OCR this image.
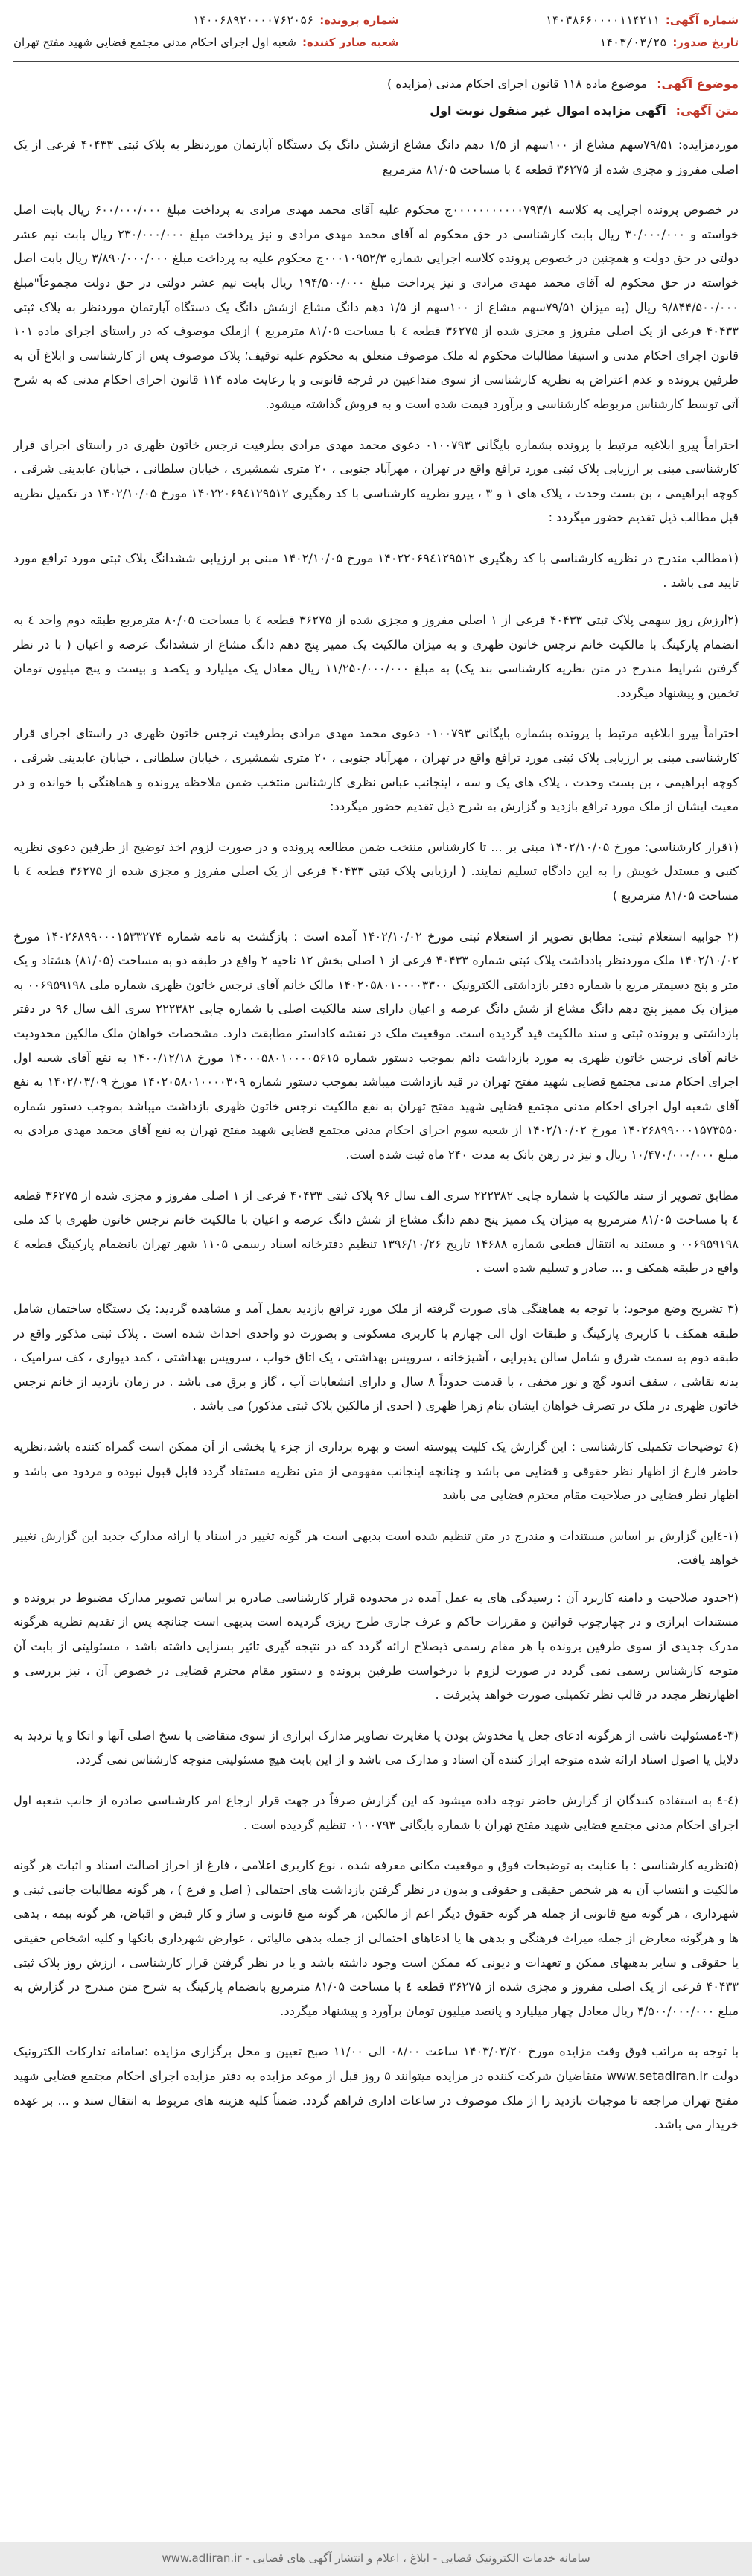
شماره آگهی:
۱۴۰۳۸۶۶۰۰۰۰۱۱۴۲۱۱
تاریخ صدور:
۱۴۰۳/۰۳/۲۵
شماره پرونده:
۱۴۰۰۶۸۹۲۰۰۰۰۷۶۲۰۵۶
شعبه صادر کننده:
شعبه اول اجرای احکام مدنی مجتمع قضایی شهید مفتح تهران
موضوع آگهی: موضوع ماده ۱۱۸ قانون اجرای احکام مدنی (مزایده )
متن آگهی: آگهی مزایده اموال غیر منقول نوبت اول

موردمزایده: ۷۹/۵۱سهم مشاع از ۱۰۰سهم از ۱/۵ دهم دانگ مشاع ازشش دانگ یک دستگاه آپارتمان موردنظر به پلاک ثبتی ۴۰۴۳۳ فرعی از یک اصلی مفروز و مجزی شده از ۳۶۲۷۵ قطعه ٤ با مساحت ۸۱/۰۵ مترمربع

در خصوص پرونده اجرایی به کلاسه ۰۰۰۰۰۰۰۰۰۰۰۷۹۳/۱ج محکوم علیه آقای محمد مهدی مرادی به پرداخت مبلغ ۶۰۰/۰۰۰/۰۰۰ ریال بابت اصل خواسته و ۳۰/۰۰۰/۰۰۰ ریال بابت کارشناسی در حق محکوم له آقای محمد مهدی مرادی و نیز پرداخت مبلغ ۲۳۰/۰۰۰/۰۰۰ ریال بابت نیم عشر دولتی در حق دولت و همچنین در خصوص پرونده کلاسه اجرایی شماره ۰۰۰۱۰۹۵۲/۳ج محکوم علیه به پرداخت مبلغ ۳/۸۹۰/۰۰۰/۰۰۰ ریال بابت اصل خواسته در حق محکوم له آقای محمد مهدی مرادی و نیز پرداخت مبلغ ۱۹۴/۵۰۰/۰۰۰ ریال بابت نیم عشر دولتی در حق دولت مجموعاً"مبلغ ۹/۸۴۴/۵۰۰/۰۰۰ ریال (به میزان ۷۹/۵۱سهم مشاع از ۱۰۰سهم از ۱/۵ دهم دانگ مشاع ازشش دانگ یک دستگاه آپارتمان موردنظر به پلاک ثبتی ۴۰۴۳۳ فرعی از یک اصلی مفروز و مجزی شده از ۳۶۲۷۵ قطعه ٤ با مساحت ۸۱/۰۵ مترمربع ) ازملک موصوف که در راستای اجرای ماده ۱۰۱ قانون اجرای احکام مدنی و استیفا مطالبات محکوم له ملک موصوف متعلق به محکوم علیه توقیف؛ پلاک موصوف پس از کارشناسی و ابلاغ آن به طرفین پرونده و عدم اعتراض به نظریه کارشناسی از سوی متداعیین در فرجه قانونی و با رعایت ماده ۱۱۴ قانون اجرای احکام مدنی که به شرح آتی توسط کارشناس مربوطه کارشناسی و برآورد قیمت شده است و به فروش گذاشته میشود.

احتراماً پیرو ابلاغیه مرتبط با پرونده بشماره بایگانی ۰۱۰۰۷۹۳ دعوی محمد مهدی مرادی بطرفیت نرجس خاتون ظهری در راستای اجرای قرار کارشناسی مبنی بر ارزیابی پلاک ثبتی مورد ترافع واقع در تهران ، مهرآباد جنوبی ، ۲۰ متری شمشیری ، خیابان سلطانی ، خیابان عابدینی شرقی ، کوچه ابراهیمی ، بن بست وحدت ، پلاک های ۱ و ۳ ، پیرو نظریه کارشناسی با کد رهگیری ۱۴۰۲۲۰۶۹٤۱۲۹۵۱۲ مورخ ۱۴۰۲/۱۰/۰۵ در تکمیل نظریه قبل مطالب ذیل تقدیم حضور میگردد :

(۱مطالب مندرج در نظریه کارشناسی با کد رهگیری ۱۴۰۲۲۰۶۹٤۱۲۹۵۱۲ مورخ ۱۴۰۲/۱۰/۰۵ مبنی بر ارزیابی ششدانگ پلاک ثبتی مورد ترافع مورد تایید می باشد .

(۲ارزش روز سهمی پلاک ثبتی ۴۰۴۳۳ فرعی از ۱ اصلی مفروز و مجزی شده از ۳۶۲۷۵ قطعه ٤ با مساحت ۸۰/۰۵ مترمربع طبقه دوم واحد ٤ به انضمام پارکینگ با مالکیت خانم نرجس خاتون ظهری و به میزان مالکیت یک ممیز پنج دهم دانگ مشاع از ششدانگ عرصه و اعیان ( با در نظر گرفتن شرایط مندرج در متن نظریه کارشناسی بند یک) به مبلغ ۱۱/۲۵۰/۰۰۰/۰۰۰ ریال معادل یک میلیارد و یکصد و بیست و پنج میلیون تومان تخمین و پیشنهاد میگردد.

احتراماً پیرو ابلاغیه مرتبط با پرونده بشماره بایگانی ۰۱۰۰۷۹۳ دعوی محمد مهدی مرادی بطرفیت نرجس خاتون ظهری در راستای اجرای قرار کارشناسی مبنی بر ارزیابی پلاک ثبتی مورد ترافع واقع در تهران ، مهرآباد جنوبی ، ۲۰ متری شمشیری ، خیابان سلطانی ، خیابان عابدینی شرقی ، کوچه ابراهیمی ، بن بست وحدت ، پلاک های یک و سه ، اینجانب عباس نظری کارشناس منتخب ضمن ملاحظه پرونده و هماهنگی با خوانده و در معیت ایشان از ملک مورد ترافع بازدید و گزارش به شرح ذیل تقدیم حضور میگردد:

(۱قرار کارشناسی: مورخ ۱۴۰۲/۱۰/۰۵ مبنی بر ... تا کارشناس منتخب ضمن مطالعه پرونده و در صورت لزوم اخذ توضیح از طرفین دعوی نظریه کتبی و مستدل خویش را به این دادگاه تسلیم نمایند. ( ارزیابی پلاک ثبتی ۴۰۴۳۳ فرعی از یک اصلی مفروز و مجزی شده از ۳۶۲۷۵ قطعه ٤ با مساحت ۸۱/۰۵ مترمربع )

(۲ جوابیه استعلام ثبتی: مطابق تصویر از استعلام ثبتی مورخ ۱۴۰۲/۱۰/۰۲ آمده است : بازگشت به نامه شماره ۱۴۰۲۶۸۹۹۰۰۰۱۵۳۳۲۷۴ مورخ ۱۴۰۲/۱۰/۰۲ ملک موردنظر بادداشت پلاک ثبتی شماره ۴۰۴۳۳ فرعی از ۱ اصلی بخش ۱۲ ناحیه ۲ واقع در طبقه دو به مساحت (۸۱/۰۵) هشتاد و یک متر و پنج دسیمتر مربع با شماره دفتر بازداشتی الکترونیک ۱۴۰۲۰۵۸۰۱۰۰۰۰۳۳۰۰ مالک خانم آقای نرجس خاتون ظهری شماره ملی ۰۰۶۹۵۹۱۹۸ به میزان یک ممیز پنج دهم دانگ مشاع از شش دانگ عرصه و اعیان دارای سند مالکیت اصلی با شماره چاپی ۲۲۲۳۸۲ سری الف سال ۹۶ در دفتر بازداشتی و پرونده ثبتی و سند مالکیت قید گردیده است. موقعیت ملک در نقشه کاداستر مطابقت دارد. مشخصات خواهان ملک مالکین محدودیت خانم آقای نرجس خاتون ظهری به مورد بازداشت دائم بموجب دستور شماره ۱۴۰۰۰۵۸۰۱۰۰۰۰۵۶۱۵ مورخ ۱۴۰۰/۱۲/۱۸ به نفع آقای شعبه اول اجرای احکام مدنی مجتمع قضایی شهید مفتح تهران در قید بازداشت میباشد بموجب دستور شماره ۱۴۰۲۰۵۸۰۱۰۰۰۰۳۰۹ مورخ ۱۴۰۲/۰۳/۰۹ به نفع آقای شعبه اول اجرای احکام مدنی مجتمع قضایی شهید مفتح تهران به نفع مالکیت نرجس خاتون ظهری بازداشت میباشد بموجب دستور شماره ۱۴۰۲۶۸۹۹۰۰۰۱۵۷۳۵۵۰ مورخ ۱۴۰۲/۱۰/۰۲ از شعبه سوم اجرای احکام مدنی مجتمع قضایی شهید مفتح تهران به نفع آقای محمد مهدی مرادی به مبلغ ۱۰/۴۷۰/۰۰۰/۰۰۰ ریال و نیز در رهن بانک به مدت ۲۴۰ ماه ثبت شده است.

مطابق تصویر از سند مالکیت با شماره چاپی ۲۲۲۳۸۲ سری الف سال ۹۶ پلاک ثبتی ۴۰۴۳۳ فرعی از ۱ اصلی مفروز و مجزی شده از ۳۶۲۷۵ قطعه ٤ با مساحت ۸۱/۰۵ مترمربع به میزان یک ممیز پنج دهم دانگ مشاع از شش دانگ عرصه و اعیان با مالکیت خانم نرجس خاتون ظهری با کد ملی ۰۰۶۹۵۹۱۹۸ و مستند به انتقال قطعی شماره ۱۴۶۸۸ تاریخ ۱۳۹۶/۱۰/۲۶ تنظیم دفترخانه اسناد رسمی ۱۱۰۵ شهر تهران بانضمام پارکینگ قطعه ٤ واقع در طبقه همکف و ... صادر و تسلیم شده است .

(۳ تشریح وضع موجود: با توجه به هماهنگی های صورت گرفته از ملک مورد ترافع بازدید بعمل آمد و مشاهده گردید: یک دستگاه ساختمان شامل طبقه همکف با کاربری پارکینگ و طبقات اول الی چهارم با کاربری مسکونی و بصورت دو واحدی احداث شده است . پلاک ثبتی مذکور واقع در طبقه دوم به سمت شرق و شامل سالن پذیرایی ، آشپزخانه ، سرویس بهداشتی ، یک اتاق خواب ، سرویس بهداشتی ، کمد دیواری ، کف سرامیک ، بدنه نقاشی ، سقف اندود گچ و نور مخفی ، با قدمت حدوداً ۸ سال و دارای انشعابات آب ، گاز و برق می باشد . در زمان بازدید از خانم نرجس خاتون ظهری در ملک در تصرف خواهان ایشان بنام زهرا ظهری ( احدی از مالکین پلاک ثبتی مذکور) می باشد .

(٤ توضیحات تکمیلی کارشناسی : این گزارش یک کلیت پیوسته است و بهره برداری از جزء یا بخشی از آن ممکن است گمراه کننده باشد،نظریه حاضر فارغ از اظهار نظر حقوقی و قضایی می باشد و چنانچه اینجانب مفهومی از متن نظریه مستفاد گردد قابل قبول نبوده و مردود می باشد و اظهار نظر قضایی در صلاحیت مقام محترم قضایی می باشد

(۱-٤این گزارش بر اساس مستندات و مندرج در متن تنظیم شده است بدیهی است هر گونه تغییر در اسناد یا ارائه مدارک جدید این گزارش تغییر خواهد یافت.

(۲حدود صلاحیت و دامنه کاربرد آن : رسیدگی های به عمل آمده در محدوده قرار کارشناسی صادره بر اساس تصویر مدارک مضبوط در پرونده و مستندات ابرازی و در چهارچوب قوانین و مقررات حاکم و عرف جاری طرح ریزی گردیده است بدیهی است چنانچه پس از تقدیم نظریه هرگونه مدرک جدیدی از سوی طرفین پرونده یا هر مقام رسمی ذیصلاح ارائه گردد که در نتیجه گیری تاثیر بسزایی داشته باشد ، مسئولیتی از بابت آن متوجه کارشناس رسمی نمی گردد در صورت لزوم با درخواست طرفین پرونده و دستور مقام محترم قضایی در خصوص آن ، نیز بررسی و اظهارنظر مجدد در قالب نظر تکمیلی صورت خواهد پذیرفت .

(۳-٤مسئولیت ناشی از هرگونه ادعای جعل یا مخدوش بودن یا مغایرت تصاویر مدارک ابرازی از سوی متقاضی با نسخ اصلی آنها و اتکا و یا تردید به دلایل یا اصول اسناد ارائه شده متوجه ابراز کننده آن اسناد و مدارک می باشد و از این بابت هیچ مسئولیتی متوجه کارشناس نمی گردد.

(٤-٤ به استفاده کنندگان از گزارش حاضر توجه داده میشود که این گزارش صرفاً در جهت قرار ارجاع امر کارشناسی صادره از جانب شعبه اول اجرای احکام مدنی مجتمع قضایی شهید مفتح تهران با شماره بایگانی ۰۱۰۰۷۹۳ تنظیم گردیده است .

(۵نظریه کارشناسی : با عنایت به توضیحات فوق و موقعیت مکانی معرفه شده ، نوع کاربری اعلامی ، فارغ از احراز اصالت اسناد و اثبات هر گونه مالکیت و انتساب آن به هر شخص حقیقی و حقوقی و بدون در نظر گرفتن بازداشت های احتمالی ( اصل و فرع ) ، هر گونه مطالبات جانبی ثبتی و شهرداری ، هر گونه منع قانونی از جمله هر گونه حقوق دیگر اعم از مالکین، هر گونه منع قانونی و ساز و کار قبض و اقباض، هر گونه بیمه ، بدهی ها و هرگونه معارض از جمله میراث فرهنگی و بدهی ها یا ادعاهای احتمالی از جمله بدهی مالیاتی ، عوارض شهرداری بانکها و کلیه اشخاص حقیقی یا حقوقی و سایر بدهیهای ممکن و تعهدات و دیونی که ممکن است وجود داشته باشد و یا در نظر گرفتن قرار کارشناسی ، ارزش روز پلاک ثبتی ۴۰۴۳۳ فرعی از یک اصلی مفروز و مجزی شده از ۳۶۲۷۵ قطعه ٤ با مساحت ۸۱/۰۵ مترمربع بانضمام پارکینگ به شرح متن مندرج در گزارش به مبلغ ۴/۵۰۰/۰۰۰/۰۰۰ ریال معادل چهار میلیارد و پانصد میلیون تومان برآورد و پیشنهاد میگردد.

با توجه به مراتب فوق وقت مزایده مورخ ۱۴۰۳/۰۳/۲۰ ساعت ۰۸/۰۰ الی ۱۱/۰۰ صبح تعیین و محل برگزاری مزایده :سامانه تدارکات الکترونیک دولت www.setadiran.ir متقاضیان شرکت کننده در مزایده میتوانند ۵ روز قبل از موعد مزایده به دفتر مزایده اجرای احکام مجتمع قضایی شهید مفتح تهران مراجعه تا موجبات بازدید را از ملک موصوف در ساعات اداری فراهم گردد. ضمناً کلیه هزینه های مربوط به انتقال سند و ... بر عهده خریدار می باشد.

سامانه خدمات الکترونیک قضایی - ابلاغ ، اعلام و انتشار آگهی های قضایی - www.adliran.ir
